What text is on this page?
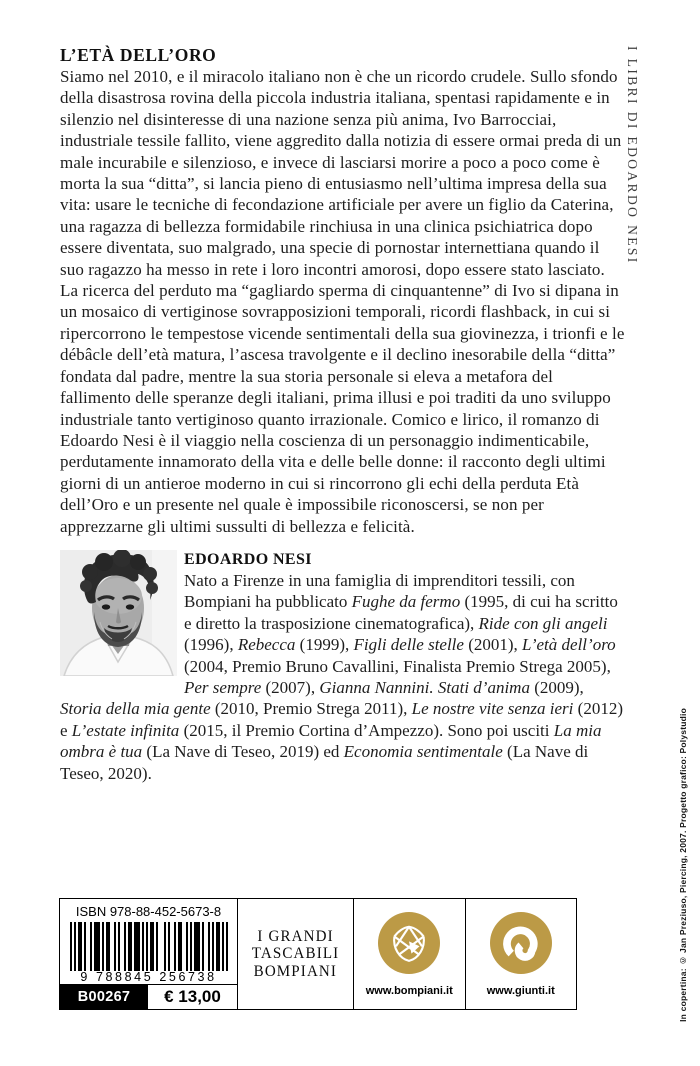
L’ETÀ DELL’ORO
Siamo nel 2010, e il miracolo italiano non è che un ricordo crudele. Sullo sfondo della disastrosa rovina della piccola industria italiana, spentasi rapidamente e in silenzio nel disinteresse di una nazione senza più anima, Ivo Barrocciai, industriale tessile fallito, viene aggredito dalla notizia di essere ormai preda di un male incurabile e silenzioso, e invece di lasciarsi morire a poco a poco come è morta la sua “ditta”, si lancia pieno di entusiasmo nell’ultima impresa della sua vita: usare le tecniche di fecondazione artificiale per avere un figlio da Caterina, una ragazza di bellezza formidabile rinchiusa in una clinica psichiatrica dopo essere diventata, suo malgrado, una specie di pornostar internettiana quando il suo ragazzo ha messo in rete i loro incontri amorosi, dopo essere stato lasciato. La ricerca del perduto ma “gagliardo sperma di cinquantenne” di Ivo si dipana in un mosaico di vertiginose sovrapposizioni temporali, ricordi flashback, in cui si ripercorrono le tempestose vicende sentimentali della sua giovinezza, i trionfi e le débâcle dell’età matura, l’ascesa travolgente e il declino inesorabile della “ditta” fondata dal padre, mentre la sua storia personale si eleva a metafora del fallimento delle speranze degli italiani, prima illusi e poi traditi da uno sviluppo industriale tanto vertiginoso quanto irrazionale. Comico e lirico, il romanzo di Edoardo Nesi è il viaggio nella coscienza di un personaggio indimenticabile, perdutamente innamorato della vita e delle belle donne: il racconto degli ultimi giorni di un antieroe moderno in cui si rincorrono gli echi della perduta Età dell’Oro e un presente nel quale è impossibile riconoscersi, se non per apprezzarne gli ultimi sussulti di bellezza e felicità.
EDOARDO NESI
Nato a Firenze in una famiglia di imprenditori tessili, con Bompiani ha pubblicato Fughe da fermo (1995, di cui ha scritto e diretto la trasposizione cinematografica), Ride con gli angeli (1996), Rebecca (1999), Figli delle stelle (2001), L’età dell’oro (2004, Premio Bruno Cavallini, Finalista Premio Strega 2005), Per sempre (2007), Gianna Nannini. Stati d’anima (2009), Storia della mia gente (2010, Premio Strega 2011), Le nostre vite senza ieri (2012) e L’estate infinita (2015, il Premio Cortina d’Ampezzo). Sono poi usciti La mia ombra è tua (La Nave di Teseo, 2019) ed Economia sentimentale (La Nave di Teseo, 2020).
I LIBRI DI EDOARDO NESI
ISBN 978-88-452-5673-8
9 788845 256738
B00267	€ 13,00
I GRANDI
TASCABILI
BOMPIANI
www.bompiani.it	www.giunti.it	In copertina: © Jan Preziuso, Piercing, 2007. Progetto grafico: Polystudio
